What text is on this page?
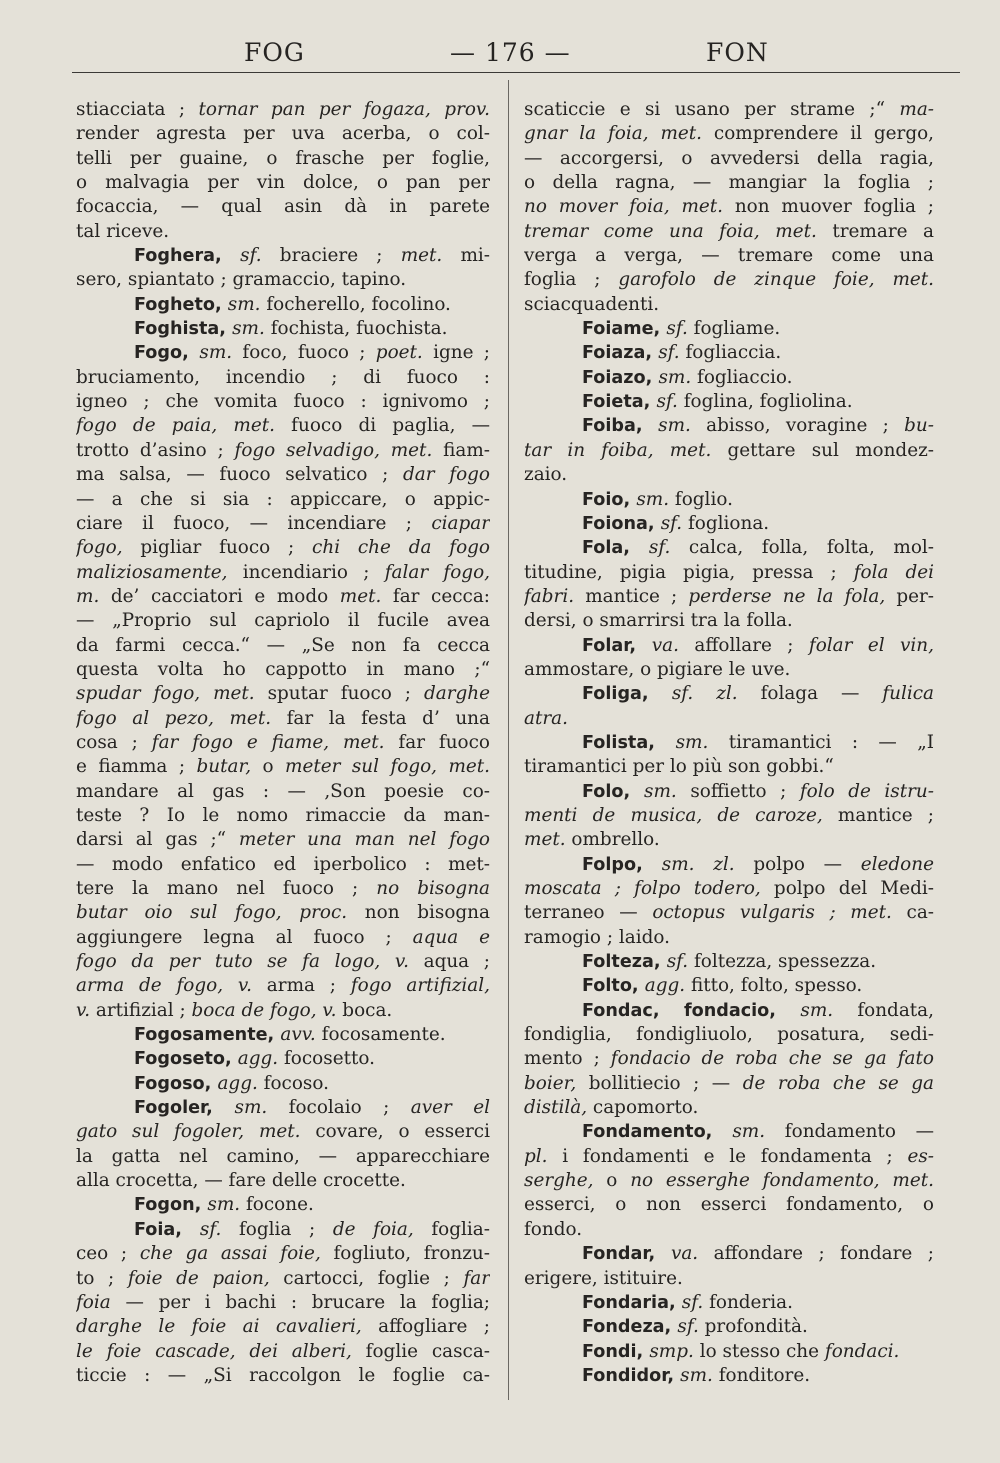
FOG	— 176 —	FON
stiacciata ; tornar pan per fogaza, prov.
render agresta per uva acerba, o col-
telli per guaine, o frasche per foglie,
o malvagia per vin dolce, o pan per
focaccia, — qual asin dà in parete
tal riceve.
Foghera, sf. braciere ; met. mi-
sero, spiantato ; gramaccio, tapino.
Fogheto, sm. focherello, focolino.
Foghista, sm. fochista, fuochista.
Fogo, sm. foco, fuoco ; poet. igne ;
bruciamento, incendio ; di fuoco :
igneo ; che vomita fuoco : ignivomo ;
fogo de paia, met. fuoco di paglia, —
trotto d’asino ; fogo selvadigo, met. fiam-
ma salsa, — fuoco selvatico ; dar fogo
— a che si sia : appiccare, o appic-
ciare il fuoco, — incendiare ; ciapar
fogo, pigliar fuoco ; chi che da fogo
maliziosamente, incendiario ; falar fogo,
m. de’ cacciatori e modo met. far cecca:
— „Proprio sul capriolo il fucile avea
da farmi cecca.“ — „Se non fa cecca
questa volta ho cappotto in mano ;“
spudar fogo, met. sputar fuoco ; darghe
fogo al pezo, met. far la festa d’ una
cosa ; far fogo e fiame, met. far fuoco
e fiamma ; butar, o meter sul fogo, met.
mandare al gas : — ‚Son poesie co-
teste ? Io le nomo rimaccie da man-
darsi al gas ;“ meter una man nel fogo
— modo enfatico ed iperbolico : met-
tere la mano nel fuoco ; no bisogna
butar oio sul fogo, proc. non bisogna
aggiungere legna al fuoco ; aqua e
fogo da per tuto se fa logo, v. aqua ;
arma de fogo, v. arma ; fogo artifizial,
v. artifizial ; boca de fogo, v. boca.
Fogosamente, avv. focosamente.
Fogoseto, agg. focosetto.
Fogoso, agg. focoso.
Fogoler, sm. focolaio ; aver el
gato sul fogoler, met. covare, o esserci
la gatta nel camino, — apparecchiare
alla crocetta, — fare delle crocette.
Fogon, sm. focone.
Foia, sf. foglia ; de foia, foglia-
ceo ; che ga assai foie, fogliuto, fronzu-
to ; foie de paion, cartocci, foglie ; far
foia — per i bachi : brucare la foglia;
darghe le foie ai cavalieri, affogliare ;
le foie cascade, dei alberi, foglie casca-
ticcie : — „Si raccolgon le foglie ca-
scaticcie e si usano per strame ;“ ma-
gnar la foia, met. comprendere il gergo,
— accorgersi, o avvedersi della ragia,
o della ragna, — mangiar la foglia ;
no mover foia, met. non muover foglia ;
tremar come una foia, met. tremare a
verga a verga, — tremare come una
foglia ; garofolo de zinque foie, met.
sciacquadenti.
Foiame, sf. fogliame.
Foiaza, sf. fogliaccia.
Foiazo, sm. fogliaccio.
Foieta, sf. foglina, fogliolina.
Foiba, sm. abisso, voragine ; bu-
tar in foiba, met. gettare sul mondez-
zaio.
Foio, sm. foglio.
Foiona, sf. fogliona.
Fola, sf. calca, folla, folta, mol-
titudine, pigia pigia, pressa ; fola dei
fabri. mantice ; perderse ne la fola, per-
dersi, o smarrirsi tra la folla.
Folar, va. affollare ; folar el vin,
ammostare, o pigiare le uve.
Foliga, sf. zl. folaga — fulica
atra.
Folista, sm. tiramantici : — „I
tiramantici per lo più son gobbi.“
Folo, sm. soffietto ; folo de istru-
menti de musica, de caroze, mantice ;
met. ombrello.
Folpo, sm. zl. polpo — eledone
moscata ; folpo todero, polpo del Medi-
terraneo — octopus vulgaris ; met. ca-
ramogio ; laido.
Folteza, sf. foltezza, spessezza.
Folto, agg. fitto, folto, spesso.
Fondac, fondacio, sm. fondata,
fondiglia, fondigliuolo, posatura, sedi-
mento ; fondacio de roba che se ga fato
boier, bollitiecio ; — de roba che se ga
distilà, capomorto.
Fondamento, sm. fondamento —
pl. i fondamenti e le fondamenta ; es-
serghe, o no esserghe fondamento, met.
esserci, o non esserci fondamento, o
fondo.
Fondar, va. affondare ; fondare ;
erigere, istituire.
Fondaria, sf. fonderia.
Fondeza, sf. profondità.
Fondi, smp. lo stesso che fondaci.
Fondidor, sm. fonditore.
